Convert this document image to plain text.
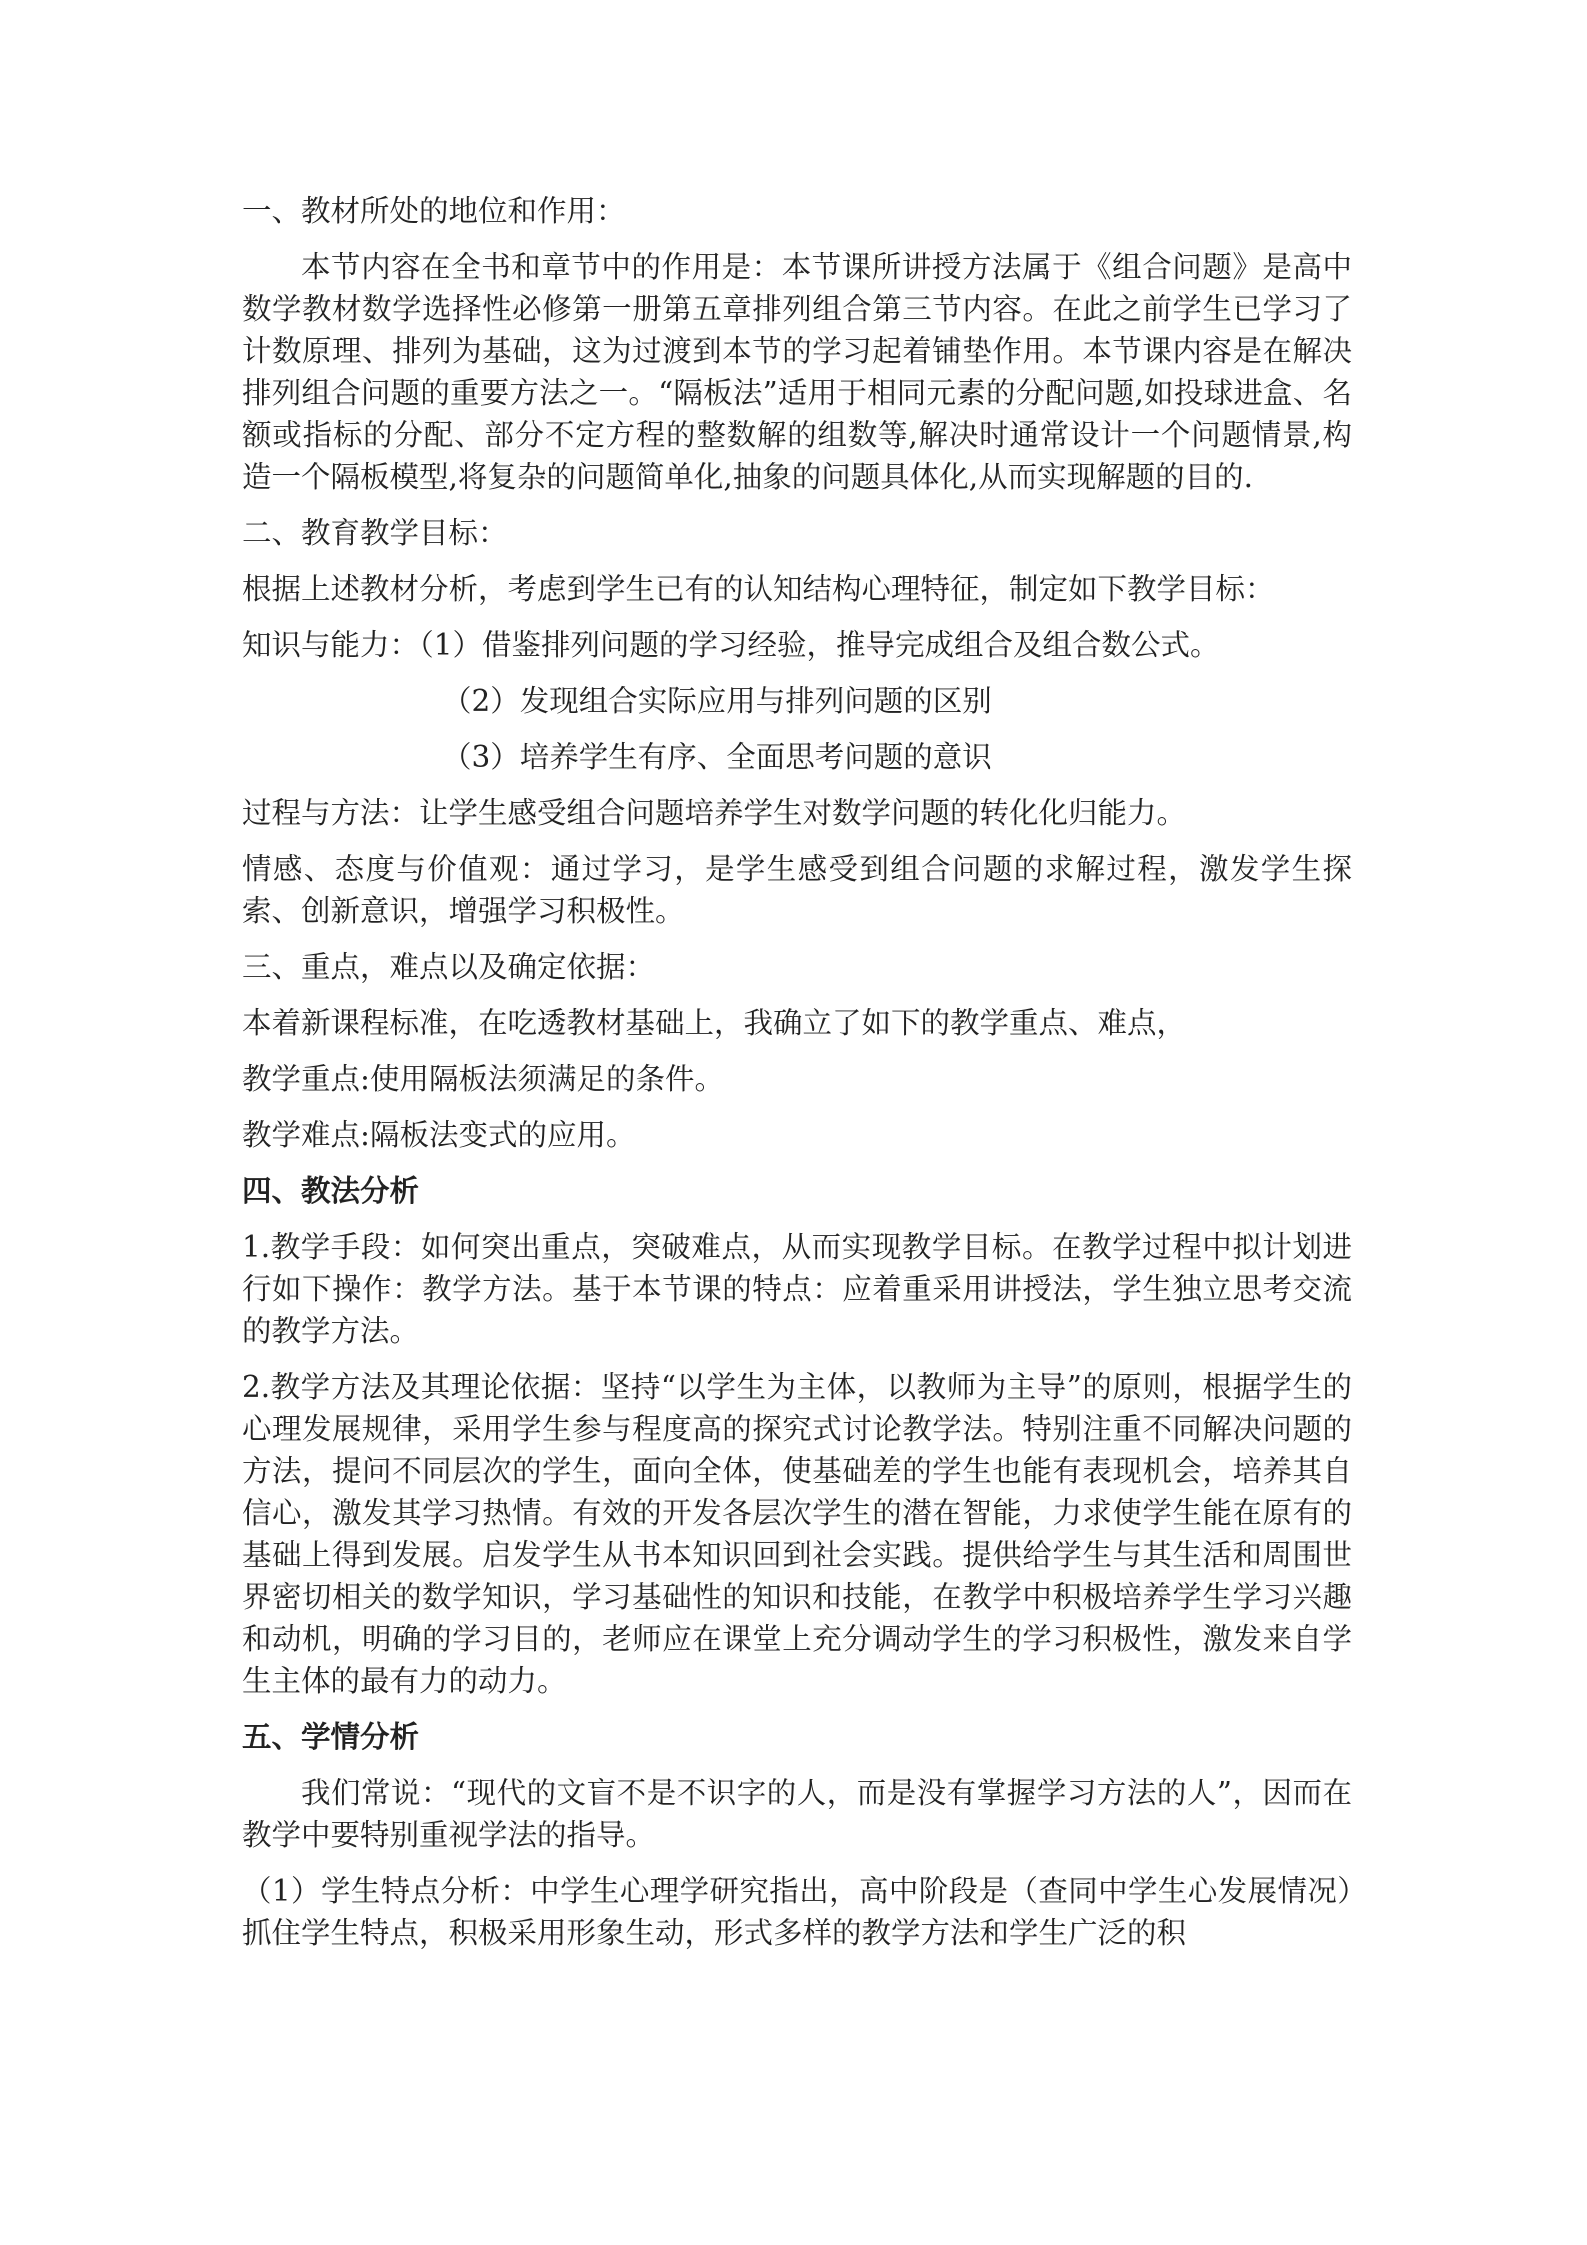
一、教材所处的地位和作用：

本节内容在全书和章节中的作用是：本节课所讲授方法属于《组合问题》是高中数学教材数学选择性必修第一册第五章排列组合第三节内容。在此之前学生已学习了计数原理、排列为基础，这为过渡到本节的学习起着铺垫作用。本节课内容是在解决排列组合问题的重要方法之一。“隔板法”适用于相同元素的分配问题,如投球进盒、名额或指标的分配、部分不定方程的整数解的组数等,解决时通常设计一个问题情景,构造一个隔板模型,将复杂的问题简单化,抽象的问题具体化,从而实现解题的目的.

二、教育教学目标：

根据上述教材分析，考虑到学生已有的认知结构心理特征，制定如下教学目标：

知识与能力：（1）借鉴排列问题的学习经验，推导完成组合及组合数公式。

（2）发现组合实际应用与排列问题的区别

（3）培养学生有序、全面思考问题的意识

过程与方法：让学生感受组合问题培养学生对数学问题的转化化归能力。

情感、态度与价值观：通过学习，是学生感受到组合问题的求解过程，激发学生探索、创新意识，增强学习积极性。

三、重点，难点以及确定依据：

本着新课程标准，在吃透教材基础上，我确立了如下的教学重点、难点，

教学重点:使用隔板法须满足的条件。

教学难点:隔板法变式的应用。

四、教法分析

1.教学手段：如何突出重点，突破难点，从而实现教学目标。在教学过程中拟计划进行如下操作：教学方法。基于本节课的特点：应着重采用讲授法，学生独立思考交流的教学方法。

2.教学方法及其理论依据：坚持“以学生为主体，以教师为主导”的原则，根据学生的心理发展规律，采用学生参与程度高的探究式讨论教学法。特别注重不同解决问题的方法，提问不同层次的学生，面向全体，使基础差的学生也能有表现机会，培养其自信心，激发其学习热情。有效的开发各层次学生的潜在智能，力求使学生能在原有的基础上得到发展。启发学生从书本知识回到社会实践。提供给学生与其生活和周围世界密切相关的数学知识，学习基础性的知识和技能，在教学中积极培养学生学习兴趣和动机，明确的学习目的，老师应在课堂上充分调动学生的学习积极性，激发来自学生主体的最有力的动力。

五、学情分析

我们常说：“现代的文盲不是不识字的人，而是没有掌握学习方法的人”，因而在教学中要特别重视学法的指导。

（1）学生特点分析：中学生心理学研究指出，高中阶段是（查同中学生心发展情况）抓住学生特点，积极采用形象生动，形式多样的教学方法和学生广泛的积
